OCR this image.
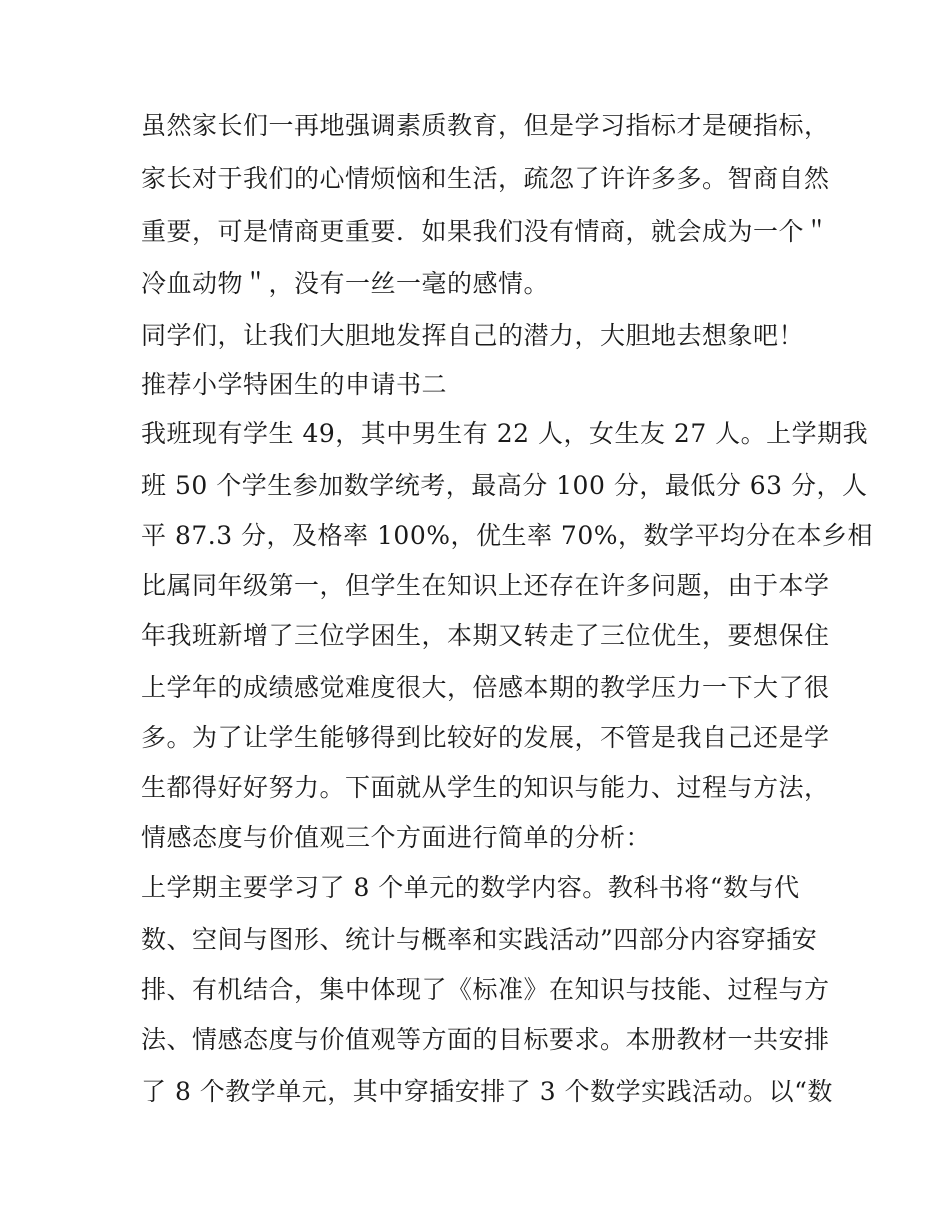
虽然家长们一再地强调素质教育，但是学习指标才是硬指标，
家长对于我们的心情烦恼和生活，疏忽了许许多多。智商自然
重要，可是情商更重要．如果我们没有情商，就会成为一个＂
冷血动物＂，没有一丝一毫的感情。
同学们，让我们大胆地发挥自己的潜力，大胆地去想象吧！
推荐小学特困生的申请书二
我班现有学生 49，其中男生有 22 人，女生友 27 人。上学期我
班 50 个学生参加数学统考，最高分 100 分，最低分 63 分，人
平 87.3 分，及格率 100%，优生率 70%，数学平均分在本乡相
比属同年级第一，但学生在知识上还存在许多问题，由于本学
年我班新增了三位学困生，本期又转走了三位优生，要想保住
上学年的成绩感觉难度很大，倍感本期的教学压力一下大了很
多。为了让学生能够得到比较好的发展，不管是我自己还是学
生都得好好努力。下面就从学生的知识与能力、过程与方法，
情感态度与价值观三个方面进行简单的分析：
上学期主要学习了 8 个单元的数学内容。教科书将“数与代
数、空间与图形、统计与概率和实践活动”四部分内容穿插安
排、有机结合，集中体现了《标准》在知识与技能、过程与方
法、情感态度与价值观等方面的目标要求。本册教材一共安排
了 8 个教学单元，其中穿插安排了 3 个数学实践活动。以“数
